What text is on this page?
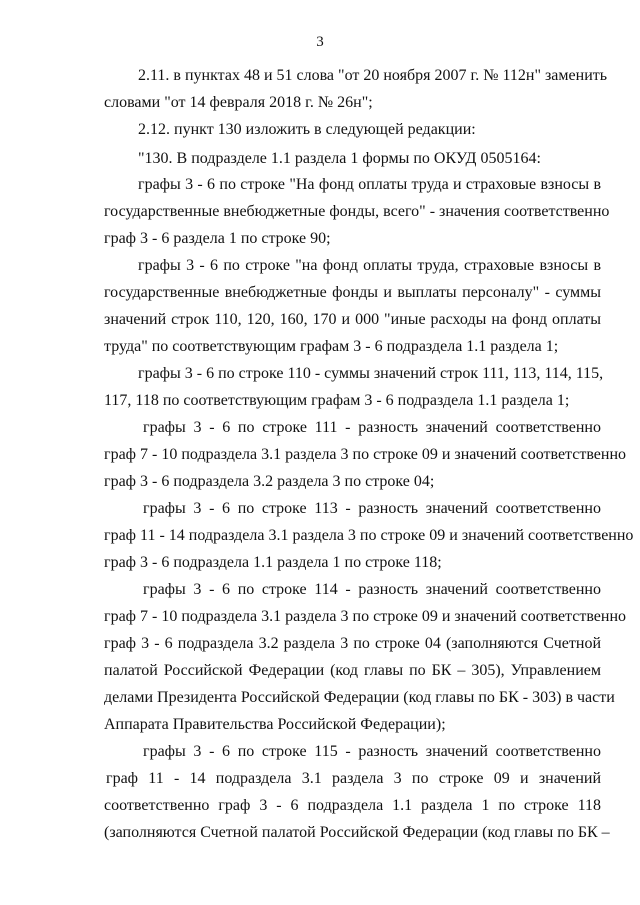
3
2.11. в пунктах 48 и 51 слова "от 20 ноября 2007 г. № 112н" заменить
словами "от 14 февраля 2018 г. № 26н";
2.12. пункт 130 изложить в следующей редакции:
"130. В подразделе 1.1 раздела 1 формы по ОКУД 0505164:
графы 3 - 6 по строке "На фонд оплаты труда и страховые взносы в
государственные внебюджетные фонды, всего" - значения соответственно
граф 3 - 6 раздела 1 по строке 90;
графы 3 - 6 по строке "на фонд оплаты труда, страховые взносы в
государственные внебюджетные фонды и выплаты персоналу" - суммы
значений строк 110, 120, 160, 170 и 000 "иные расходы на фонд оплаты
труда" по соответствующим графам 3 - 6 подраздела 1.1 раздела 1;
графы 3 - 6 по строке 110 - суммы значений строк 111, 113, 114, 115,
117, 118 по соответствующим графам 3 - 6 подраздела 1.1 раздела 1;
графы 3 - 6 по строке 111 - разность значений соответственно
граф 7 - 10 подраздела 3.1 раздела 3 по строке 09 и значений соответственно
граф 3 - 6 подраздела 3.2 раздела 3 по строке 04;
графы 3 - 6 по строке 113 - разность значений соответственно
граф 11 - 14 подраздела 3.1 раздела 3 по строке 09 и значений соответственно
граф 3 - 6 подраздела 1.1 раздела 1 по строке 118;
графы 3 - 6 по строке 114 - разность значений соответственно
граф 7 - 10 подраздела 3.1 раздела 3 по строке 09 и значений соответственно
граф 3 - 6 подраздела 3.2 раздела 3 по строке 04 (заполняются Счетной
палатой Российской Федерации (код главы по БК – 305), Управлением
делами Президента Российской Федерации (код главы по БК - 303) в части
Аппарата Правительства Российской Федерации);
графы 3 - 6 по строке 115 - разность значений соответственно
граф 11 - 14 подраздела 3.1 раздела 3 по строке 09 и значений
соответственно граф 3 - 6 подраздела 1.1 раздела 1 по строке 118
(заполняются Счетной палатой Российской Федерации (код главы по БК –
